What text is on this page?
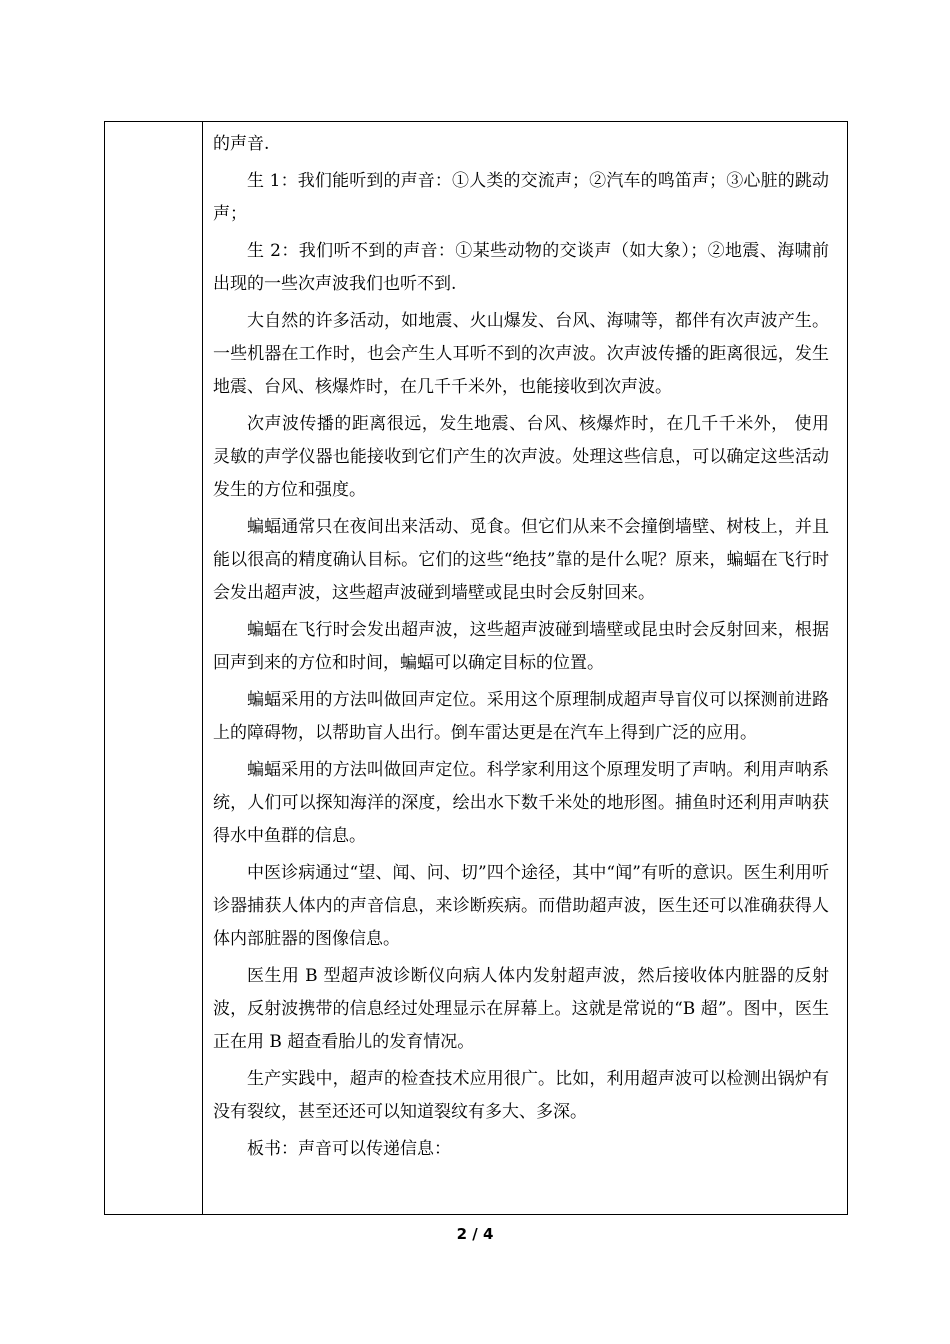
的声音.

生 1：我们能听到的声音：①人类的交流声；②汽车的鸣笛声；③心脏的跳动声；

生 2：我们听不到的声音：①某些动物的交谈声（如大象）；②地震、海啸前出现的一些次声波我们也听不到.

大自然的许多活动，如地震、火山爆发、台风、海啸等，都伴有次声波产生。一些机器在工作时，也会产生人耳听不到的次声波。次声波传播的距离很远，发生地震、台风、核爆炸时，在几千千米外，也能接收到次声波。

次声波传播的距离很远，发生地震、台风、核爆炸时，在几千千米外， 使用灵敏的声学仪器也能接收到它们产生的次声波。处理这些信息，可以确定这些活动发生的方位和强度。

蝙蝠通常只在夜间出来活动、觅食。但它们从来不会撞倒墙壁、树枝上，并且能以很高的精度确认目标。它们的这些“绝技”靠的是什么呢？原来，蝙蝠在飞行时会发出超声波，这些超声波碰到墙壁或昆虫时会反射回来。

蝙蝠在飞行时会发出超声波，这些超声波碰到墙壁或昆虫时会反射回来，根据回声到来的方位和时间，蝙蝠可以确定目标的位置。

蝙蝠采用的方法叫做回声定位。采用这个原理制成超声导盲仪可以探测前进路上的障碍物，以帮助盲人出行。倒车雷达更是在汽车上得到广泛的应用。

蝙蝠采用的方法叫做回声定位。科学家利用这个原理发明了声呐。利用声呐系统，人们可以探知海洋的深度，绘出水下数千米处的地形图。捕鱼时还利用声呐获得水中鱼群的信息。

中医诊病通过“望、闻、问、切”四个途径，其中“闻”有听的意识。医生利用听诊器捕获人体内的声音信息，来诊断疾病。而借助超声波，医生还可以准确获得人体内部脏器的图像信息。

医生用 B 型超声波诊断仪向病人体内发射超声波，然后接收体内脏器的反射波，反射波携带的信息经过处理显示在屏幕上。这就是常说的“B 超”。图中，医生正在用 B 超查看胎儿的发育情况。

生产实践中，超声的检查技术应用很广。比如，利用超声波可以检测出锅炉有没有裂纹，甚至还还可以知道裂纹有多大、多深。

板书：声音可以传递信息：

2 / 4
